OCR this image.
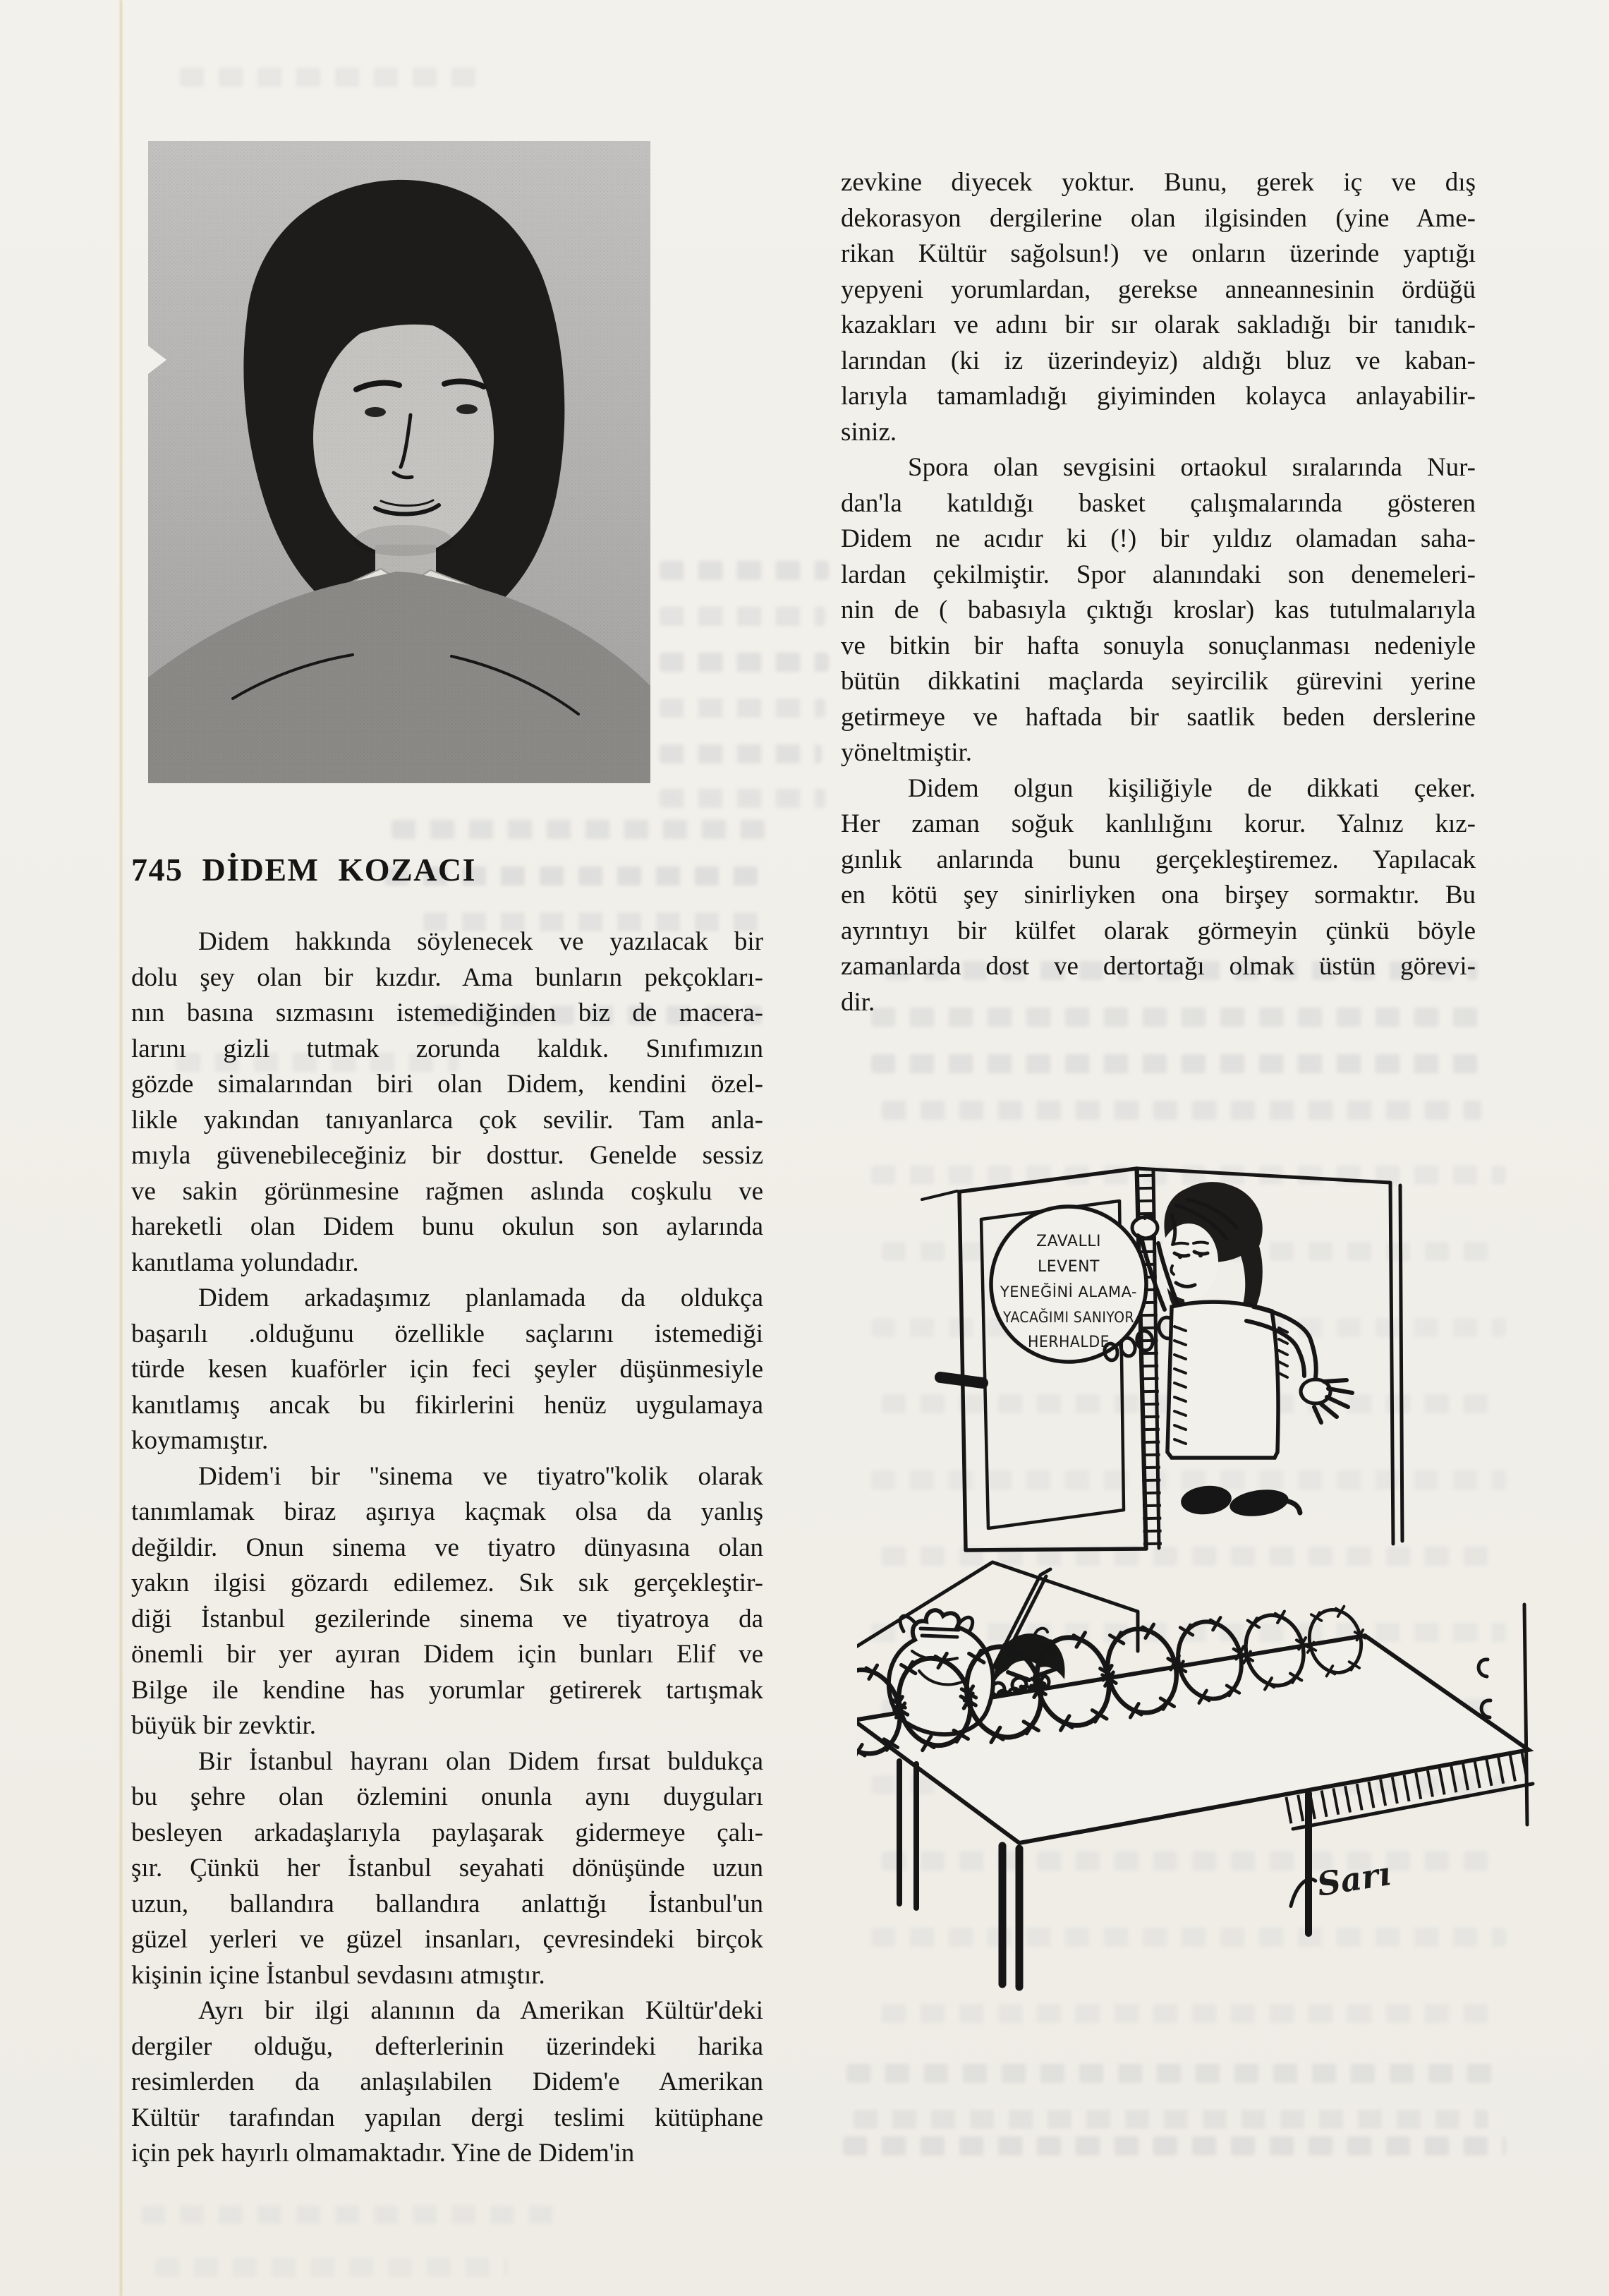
745 DİDEM KOZACI
Didem hakkında söylenecek ve yazılacak bir
dolu şey olan bir kızdır. Ama bunların pekçokları-
nın basına sızmasını istemediğinden biz de macera-
larını gizli tutmak zorunda kaldık. Sınıfımızın
gözde simalarından biri olan Didem, kendini özel-
likle yakından tanıyanlarca çok sevilir. Tam anla-
mıyla güvenebileceğiniz bir dosttur. Genelde sessiz
ve sakin görünmesine rağmen aslında coşkulu ve
hareketli olan Didem bunu okulun son aylarında
kanıtlama yolundadır.
Didem arkadaşımız planlamada da oldukça
başarılı .olduğunu özellikle saçlarını istemediği
türde kesen kuaförler için feci şeyler düşünmesiyle
kanıtlamış ancak bu fikirlerini henüz uygulamaya
koymamıştır.
Didem'i bir ''sinema ve tiyatro''kolik olarak
tanımlamak biraz aşırıya kaçmak olsa da yanlış
değildir. Onun sinema ve tiyatro dünyasına olan
yakın ilgisi gözardı edilemez. Sık sık gerçekleştir-
diği İstanbul gezilerinde sinema ve tiyatroya da
önemli bir yer ayıran Didem için bunları Elif ve
Bilge ile kendine has yorumlar getirerek tartışmak
büyük bir zevktir.
Bir İstanbul hayranı olan Didem fırsat buldukça
bu şehre olan özlemini onunla aynı duyguları
besleyen arkadaşlarıyla paylaşarak gidermeye çalı-
şır. Çünkü her İstanbul seyahati dönüşünde uzun
uzun, ballandıra ballandıra anlattığı İstanbul'un
güzel yerleri ve güzel insanları, çevresindeki birçok
kişinin içine İstanbul sevdasını atmıştır.
Ayrı bir ilgi alanının da Amerikan Kültür'deki
dergiler olduğu, defterlerinin üzerindeki harika
resimlerden da anlaşılabilen Didem'e Amerikan
Kültür tarafından yapılan dergi teslimi kütüphane
için pek hayırlı olmamaktadır. Yine de Didem'in
zevkine diyecek yoktur. Bunu, gerek iç ve dış
dekorasyon dergilerine olan ilgisinden (yine Ame-
rikan Kültür sağolsun!) ve onların üzerinde yaptığı
yepyeni yorumlardan, gerekse anneannesinin ördüğü
kazakları ve adını bir sır olarak sakladığı bir tanıdık-
larından (ki iz üzerindeyiz) aldığı bluz ve kaban-
larıyla tamamladığı giyiminden kolayca anlayabilir-
siniz.
Spora olan sevgisini ortaokul sıralarında Nur-
dan'la katıldığı basket çalışmalarında gösteren
Didem ne acıdır ki (!) bir yıldız olamadan saha-
lardan çekilmiştir. Spor alanındaki son denemeleri-
nin de ( babasıyla çıktığı kroslar) kas tutulmalarıyla
ve bitkin bir hafta sonuyla sonuçlanması nedeniyle
bütün dikkatini maçlarda seyircilik gürevini yerine
getirmeye ve haftada bir saatlik beden derslerine
yöneltmiştir.
Didem olgun kişiliğiyle de dikkati çeker.
Her zaman soğuk kanlılığını korur. Yalnız kız-
gınlık anlarında bunu gerçekleştiremez. Yapılacak
en kötü şey sinirliyken ona birşey sormaktır. Bu
ayrıntıyı bir külfet olarak görmeyin çünkü böyle
zamanlarda dost ve dertortağı olmak üstün görevi-
dir.
ZAVALLI
LEVENT
YENEĞİNİ ALAMA-
YACAĞIMI SANIYOR
HERHALDE
Sarı
